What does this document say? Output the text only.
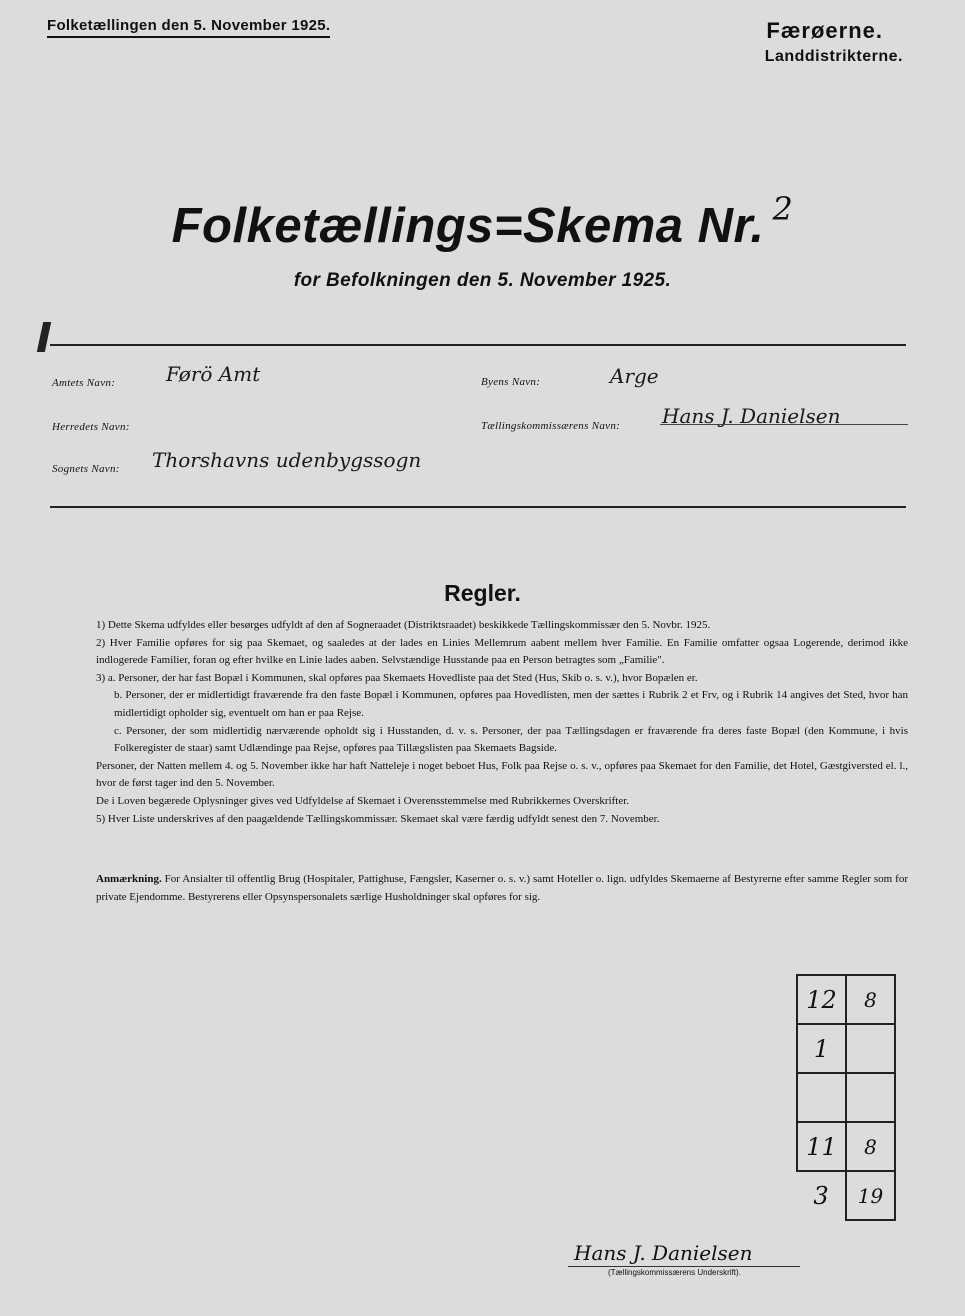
Folketællingen den 5. November 1925.	Færøerne.
Landdistrikterne.
Folketællings=Skema Nr. $^2$
for Befolkningen den 5. November 1925.
Amtets Navn:	Førö Amt	Byens Navn:	Arge
Herredets Navn:	Tællingskommissærens Navn: Hans J. Danielsen
Sognets Navn: Thorshavns udenbygssogn
Regler.

1) Dette Skema udfyldes eller besørges udfyldt af den af Sogneraadet (Distriktsraadet) beskikkede Tællingskommissær den 5. Novbr. 1925.

2) Hver Familie opføres for sig paa Skemaet, og saaledes at der lades en Linies Mellemrum aabent mellem hver Familie. En Familie omfatter ogsaa Logerende, derimod ikke indlogerede Familier, foran og efter hvilke en Linie lades aaben. Selvstændige Husstande paa en Person betragtes som „Familie".

3) a. Personer, der har fast Bopæl i Kommunen, skal opføres paa Skemaets Hovedliste paa det Sted (Hus, Skib o. s. v.), hvor Bopælen er.

b. Personer, der er midlertidigt fraværende fra den faste Bopæl i Kommunen, opføres paa Hovedlisten, men der sættes i Rubrik 2 et Frv, og i Rubrik 14 angives det Sted, hvor han midlertidigt opholder sig, eventuelt om han er paa Rejse.

c. Personer, der som midlertidig nærværende opholdt sig i Husstanden, d. v. s. Personer, der paa Tællingsdagen er fraværende fra deres faste Bopæl (den Kommune, i hvis Folkeregister de staar) samt Udlændinge paa Rejse, opføres paa Tillægslisten paa Skemaets Bagside.

Personer, der Natten mellem 4. og 5. November ikke har haft Natteleje i noget beboet Hus, Folk paa Rejse o. s. v., opføres paa Skemaet for den Familie, det Hotel, Gæstgiversted el. l., hvor de først tager ind den 5. November.

De i Loven begærede Oplysninger gives ved Udfyldelse af Skemaet i Overensstemmelse med Rubrikkernes Overskrifter.

5) Hver Liste underskrives af den paagældende Tællingskommissær. Skemaet skal være færdig udfyldt senest den 7. November.

Anmærkning. For Ansialter til offentlig Brug (Hospitaler, Pattighuse, Fængsler, Kaserner o. s. v.) samt Hoteller o. lign. udfyldes Skemaerne af Bestyrerne efter samme Regler som for private Ejendomme. Bestyrerens eller Opsynspersonalets særlige Husholdninger skal opføres for sig.

12	8
1	

11	8
3	19
Hans J. Danielsen
(Tællingskommissærens Underskrift).
